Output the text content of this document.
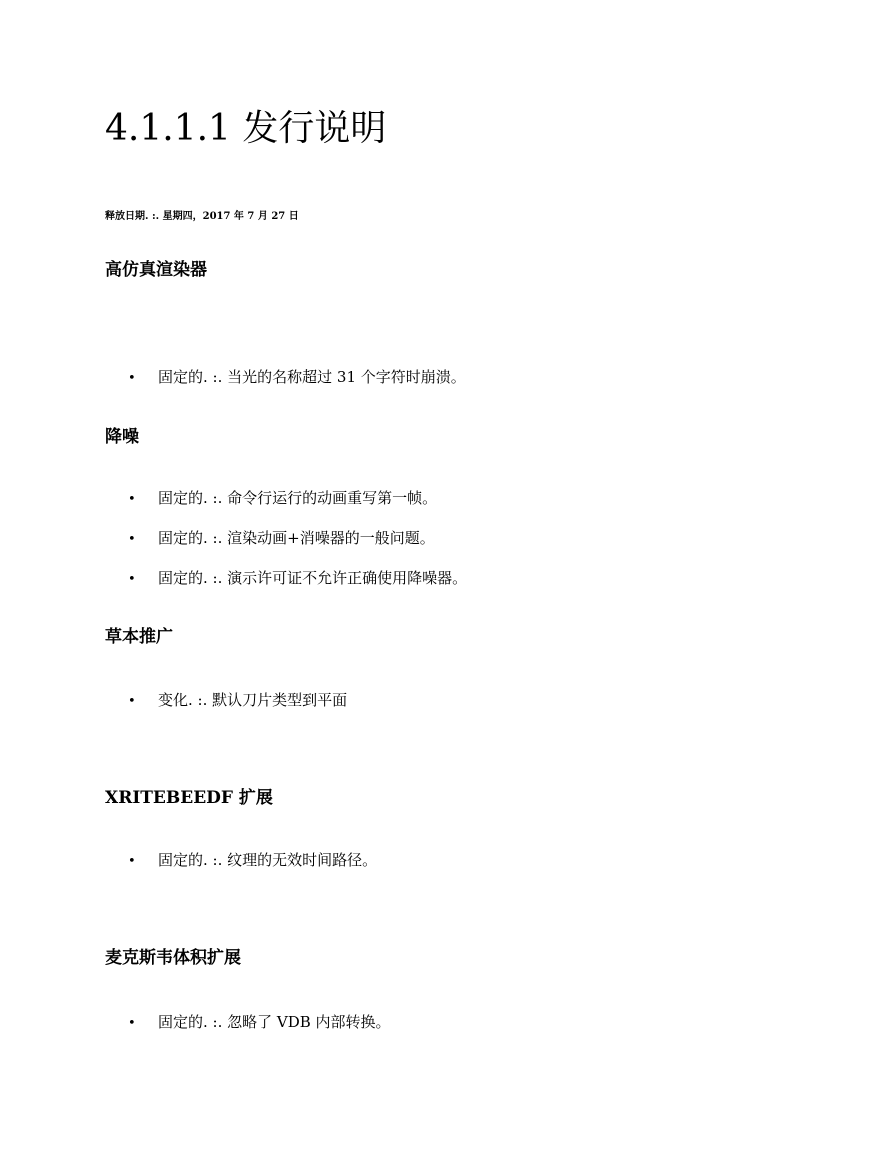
4.1.1.1 发行说明
释放日期. :. 星期四，2017 年 7 月 27 日
高仿真渲染器
• 固定的. :. 当光的名称超过 31 个字符时崩溃。
降噪
• 固定的. :. 命令行运行的动画重写第一帧。
• 固定的. :. 渲染动画+消噪器的一般问题。
• 固定的. :. 演示许可证不允许正确使用降噪器。
草本推广
• 变化. :. 默认刀片类型到平面
XRITEBEEDF 扩展
• 固定的. :. 纹理的无效时间路径。
麦克斯韦体积扩展
• 固定的. :. 忽略了 VDB 内部转换。
